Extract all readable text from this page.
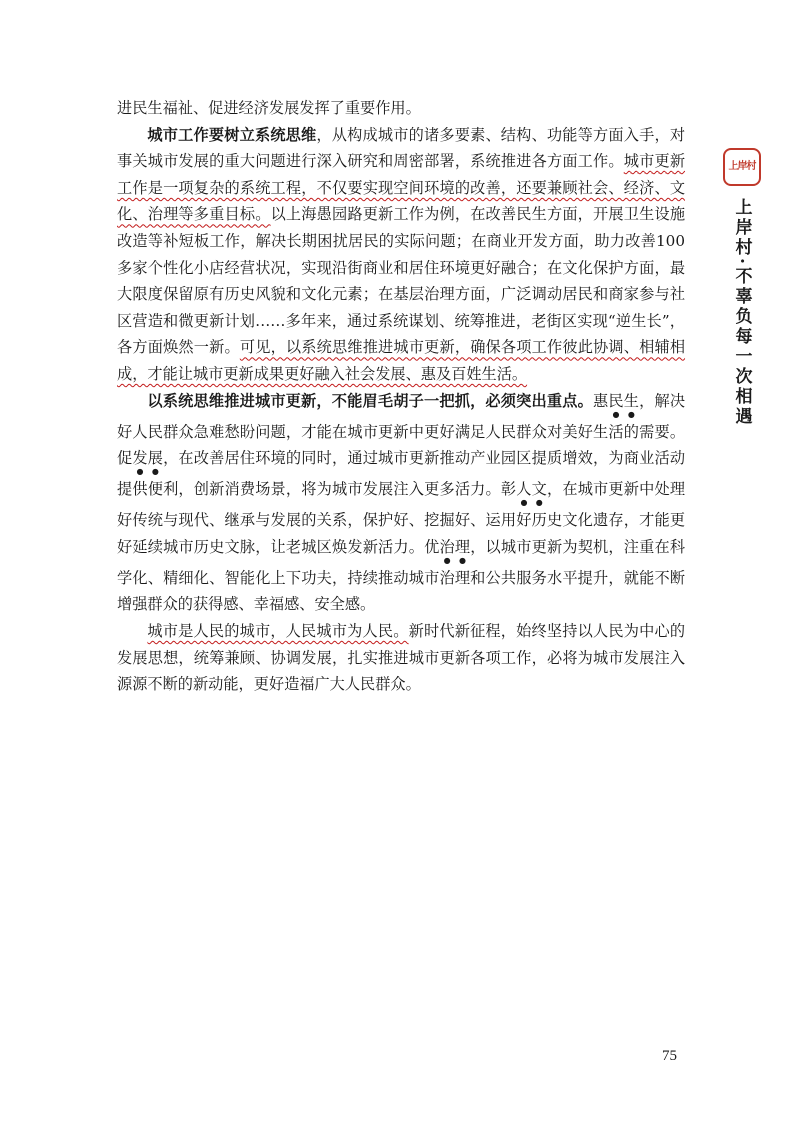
进民生福祉、促进经济发展发挥了重要作用。

城市工作要树立系统思维，从构成城市的诸多要素、结构、功能等方面入手，对事关城市发展的重大问题进行深入研究和周密部署，系统推进各方面工作。城市更新工作是一项复杂的系统工程，不仅要实现空间环境的改善，还要兼顾社会、经济、文化、治理等多重目标。以上海愚园路更新工作为例，在改善民生方面，开展卫生设施改造等补短板工作，解决长期困扰居民的实际问题；在商业开发方面，助力改善100多家个性化小店经营状况，实现沿街商业和居住环境更好融合；在文化保护方面，最大限度保留原有历史风貌和文化元素；在基层治理方面，广泛调动居民和商家参与社区营造和微更新计划……多年来，通过系统谋划、统筹推进，老街区实现“逆生长”，各方面焕然一新。可见，以系统思维推进城市更新，确保各项工作彼此协调、相辅相成，才能让城市更新成果更好融入社会发展、惠及百姓生活。

以系统思维推进城市更新，不能眉毛胡子一把抓，必须突出重点。惠民生，解决好人民群众急难愁盼问题，才能在城市更新中更好满足人民群众对美好生活的需要。促发展，在改善居住环境的同时，通过城市更新推动产业园区提质增效，为商业活动提供便利，创新消费场景，将为城市发展注入更多活力。彰人文，在城市更新中处理好传统与现代、继承与发展的关系，保护好、挖掘好、运用好历史文化遗存，才能更好延续城市历史文脉，让老城区焕发新活力。优治理，以城市更新为契机，注重在科学化、精细化、智能化上下功夫，持续推动城市治理和公共服务水平提升，就能不断增强群众的获得感、幸福感、安全感。

城市是人民的城市，人民城市为人民。新时代新征程，始终坚持以人民为中心的发展思想，统筹兼顾、协调发展，扎实推进城市更新各项工作，必将为城市发展注入源源不断的新动能，更好造福广大人民群众。

上岸村
上岸村·不辜负每一次相遇
75
